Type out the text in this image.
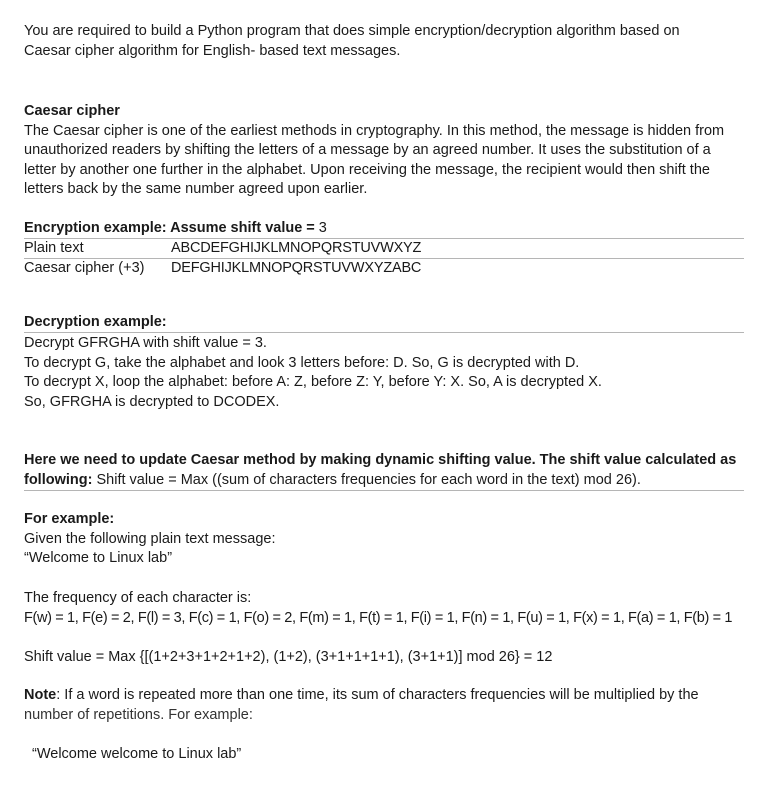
You are required to build a Python program that does simple encryption/decryption algorithm based on
Caesar cipher algorithm for English- based text messages.
Caesar cipher
The Caesar cipher is one of the earliest methods in cryptography. In this method, the message is hidden from
unauthorized readers by shifting the letters of a message by an agreed number. It uses the substitution of a
letter by another one further in the alphabet. Upon receiving the message, the recipient would then shift the
letters back by the same number agreed upon earlier.
Encryption example: Assume shift value = 3
Plain text	ABCDEFGHIJKLMNOPQRSTUVWXYZ
Caesar cipher (+3) DEFGHIJKLMNOPQRSTUVWXYZABC
Decryption example:
Decrypt GFRGHA with shift value = 3.
To decrypt G, take the alphabet and look 3 letters before: D. So, G is decrypted with D.
To decrypt X, loop the alphabet: before A: Z, before Z: Y, before Y: X. So, A is decrypted X.
So, GFRGHA is decrypted to DCODEX.
Here we need to update Caesar method by making dynamic shifting value. The shift value calculated as
following: Shift value = Max ((sum of characters frequencies for each word in the text) mod 26).
For example:
Given the following plain text message:
“Welcome to Linux lab”
The frequency of each character is:
F(w) = 1, F(e) = 2, F(l) = 3, F(c) = 1, F(o) = 2, F(m) = 1, F(t) = 1, F(i) = 1, F(n) = 1, F(u) = 1, F(x) = 1, F(a) = 1, F(b) = 1
Shift value = Max {[(1+2+3+1+2+1+2), (1+2), (3+1+1+1+1), (3+1+1)] mod 26} = 12
Note: If a word is repeated more than one time, its sum of characters frequencies will be multiplied by the
number of repetitions. For example:
“Welcome welcome to Linux lab”
